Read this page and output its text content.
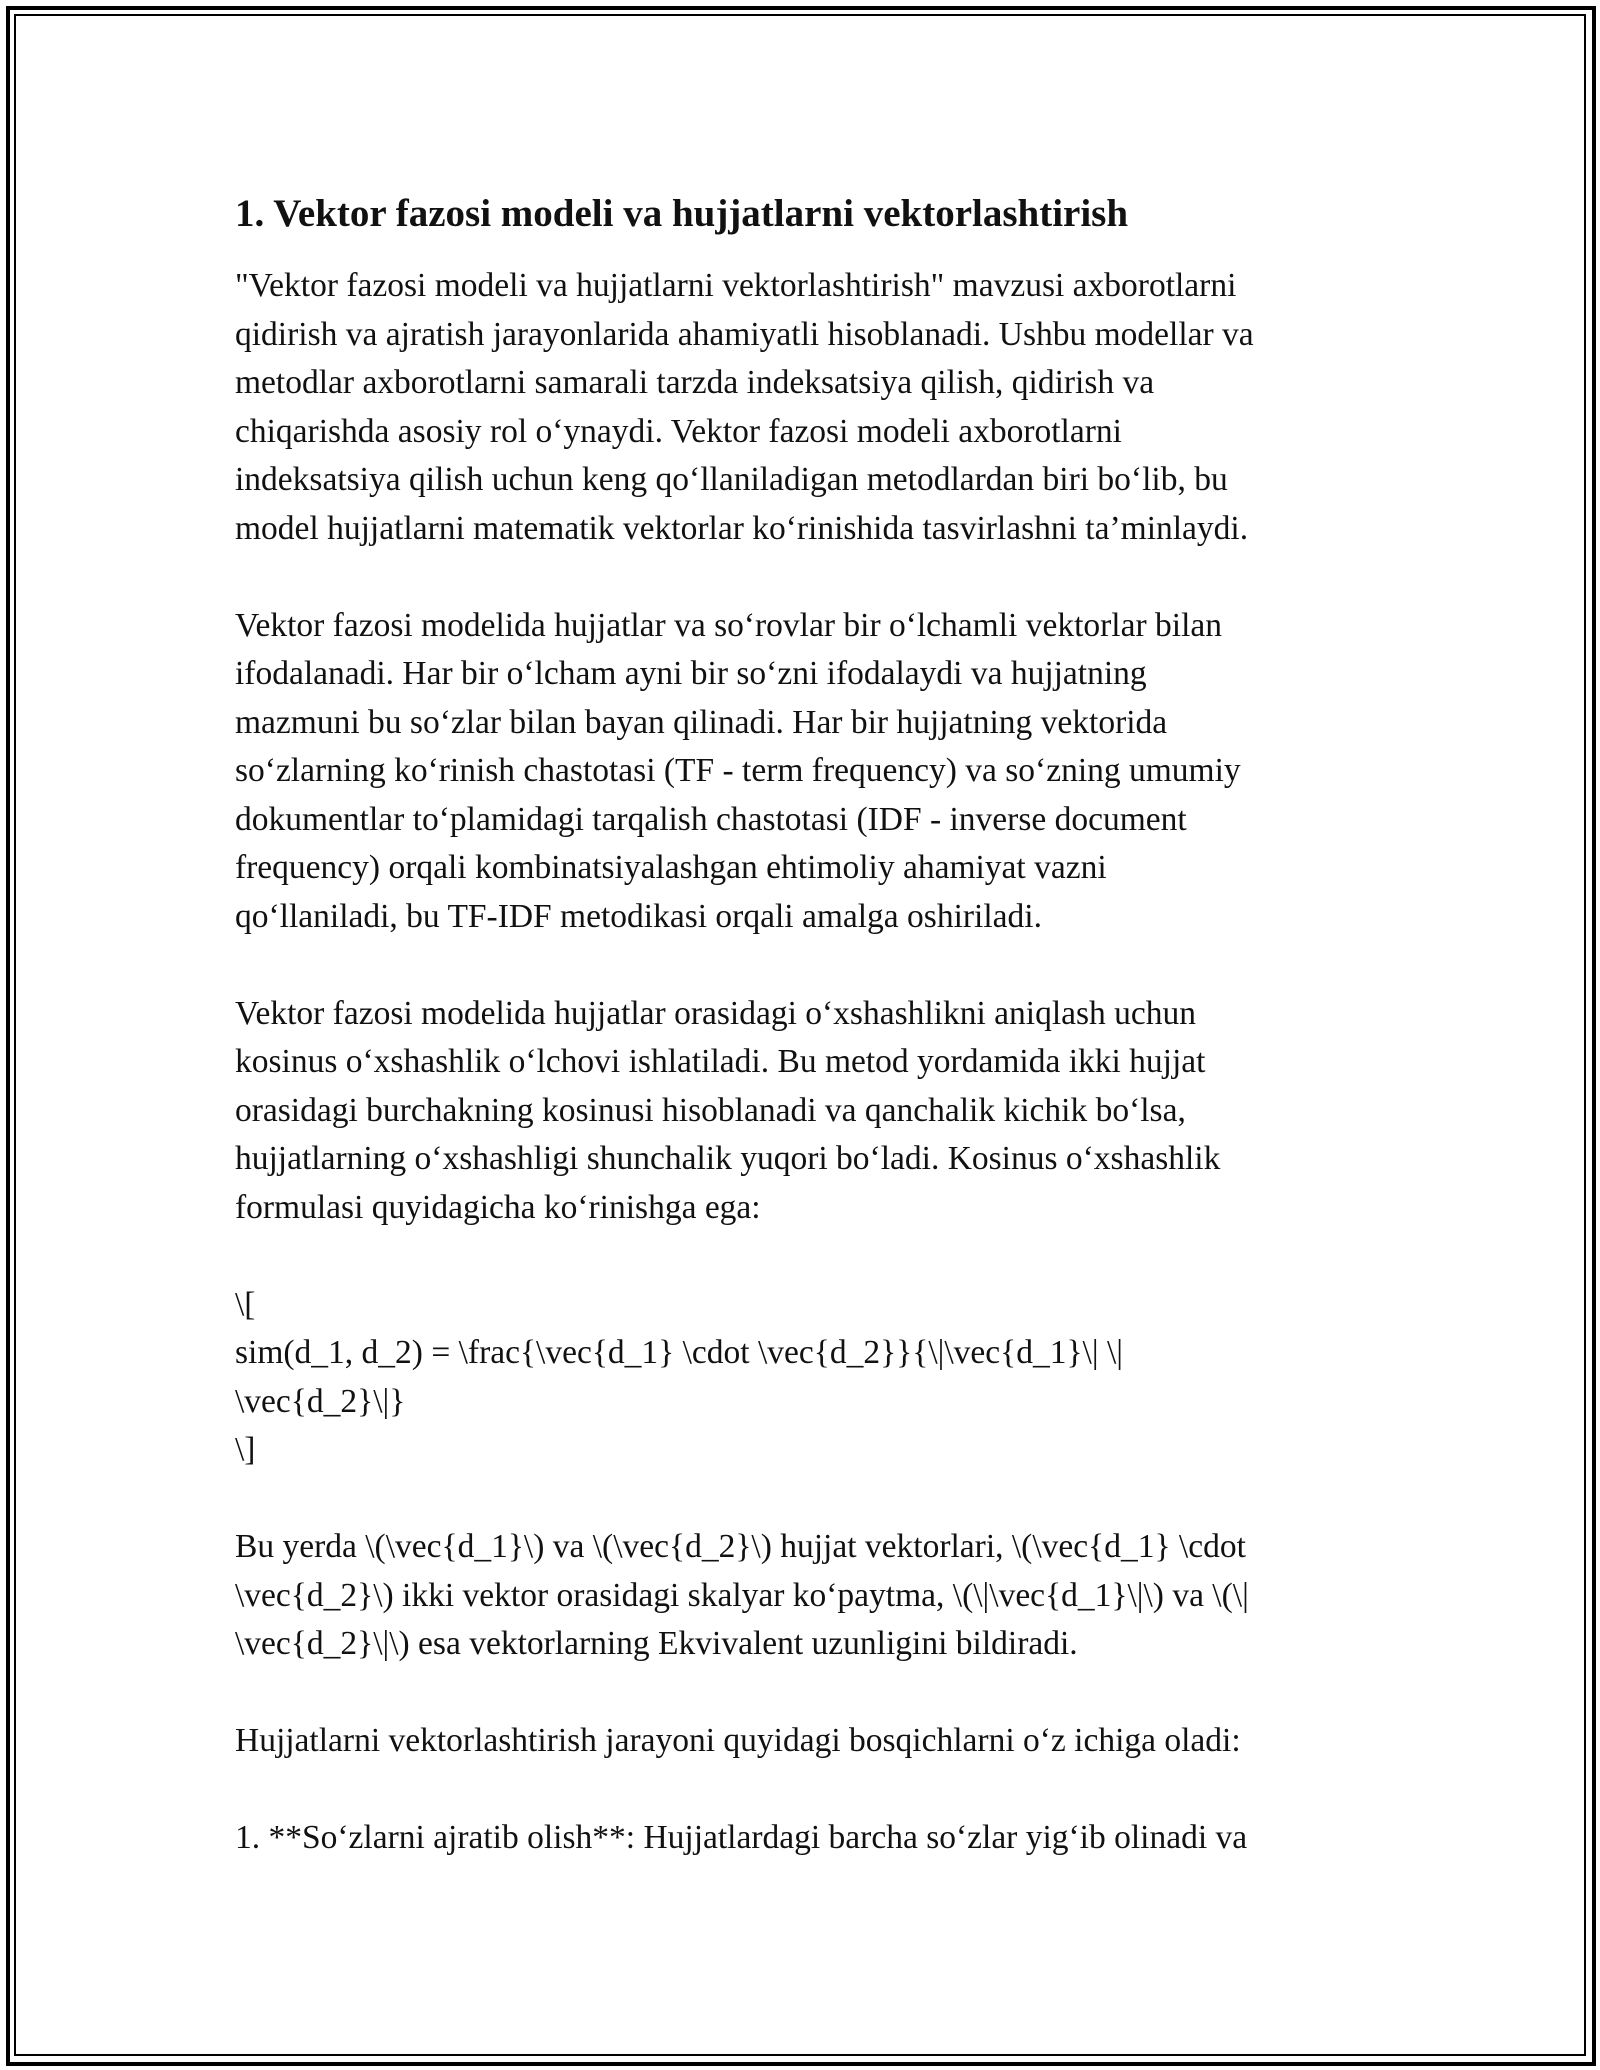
1. Vektor fazosi modeli va hujjatlarni vektorlashtirish

"Vektor fazosi modeli va hujjatlarni vektorlashtirish" mavzusi axborotlarni
qidirish va ajratish jarayonlarida ahamiyatli hisoblanadi. Ushbu modellar va
metodlar axborotlarni samarali tarzda indeksatsiya qilish, qidirish va
chiqarishda asosiy rol o‘ynaydi. Vektor fazosi modeli axborotlarni
indeksatsiya qilish uchun keng qo‘llaniladigan metodlardan biri bo‘lib, bu
model hujjatlarni matematik vektorlar ko‘rinishida tasvirlashni ta’minlaydi.

Vektor fazosi modelida hujjatlar va so‘rovlar bir o‘lchamli vektorlar bilan
ifodalanadi. Har bir o‘lcham ayni bir so‘zni ifodalaydi va hujjatning
mazmuni bu so‘zlar bilan bayan qilinadi. Har bir hujjatning vektorida
so‘zlarning ko‘rinish chastotasi (TF - term frequency) va so‘zning umumiy
dokumentlar to‘plamidagi tarqalish chastotasi (IDF - inverse document
frequency) orqali kombinatsiyalashgan ehtimoliy ahamiyat vazni
qo‘llaniladi, bu TF-IDF metodikasi orqali amalga oshiriladi.

Vektor fazosi modelida hujjatlar orasidagi o‘xshashlikni aniqlash uchun
kosinus o‘xshashlik o‘lchovi ishlatiladi. Bu metod yordamida ikki hujjat
orasidagi burchakning kosinusi hisoblanadi va qanchalik kichik bo‘lsa,
hujjatlarning o‘xshashligi shunchalik yuqori bo‘ladi. Kosinus o‘xshashlik
formulasi quyidagicha ko‘rinishga ega:

\[
sim(d_1, d_2) = \frac{\vec{d_1} \cdot \vec{d_2}}{\|\vec{d_1}\| \|
\vec{d_2}\|}
\]

Bu yerda \(\vec{d_1}\) va \(\vec{d_2}\) hujjat vektorlari, \(\vec{d_1} \cdot
\vec{d_2}\) ikki vektor orasidagi skalyar ko‘paytma, \(\|\vec{d_1}\|\) va \(\|
\vec{d_2}\|\) esa vektorlarning Ekvivalent uzunligini bildiradi.

Hujjatlarni vektorlashtirish jarayoni quyidagi bosqichlarni o‘z ichiga oladi:

1. **So‘zlarni ajratib olish**: Hujjatlardagi barcha so‘zlar yig‘ib olinadi va
